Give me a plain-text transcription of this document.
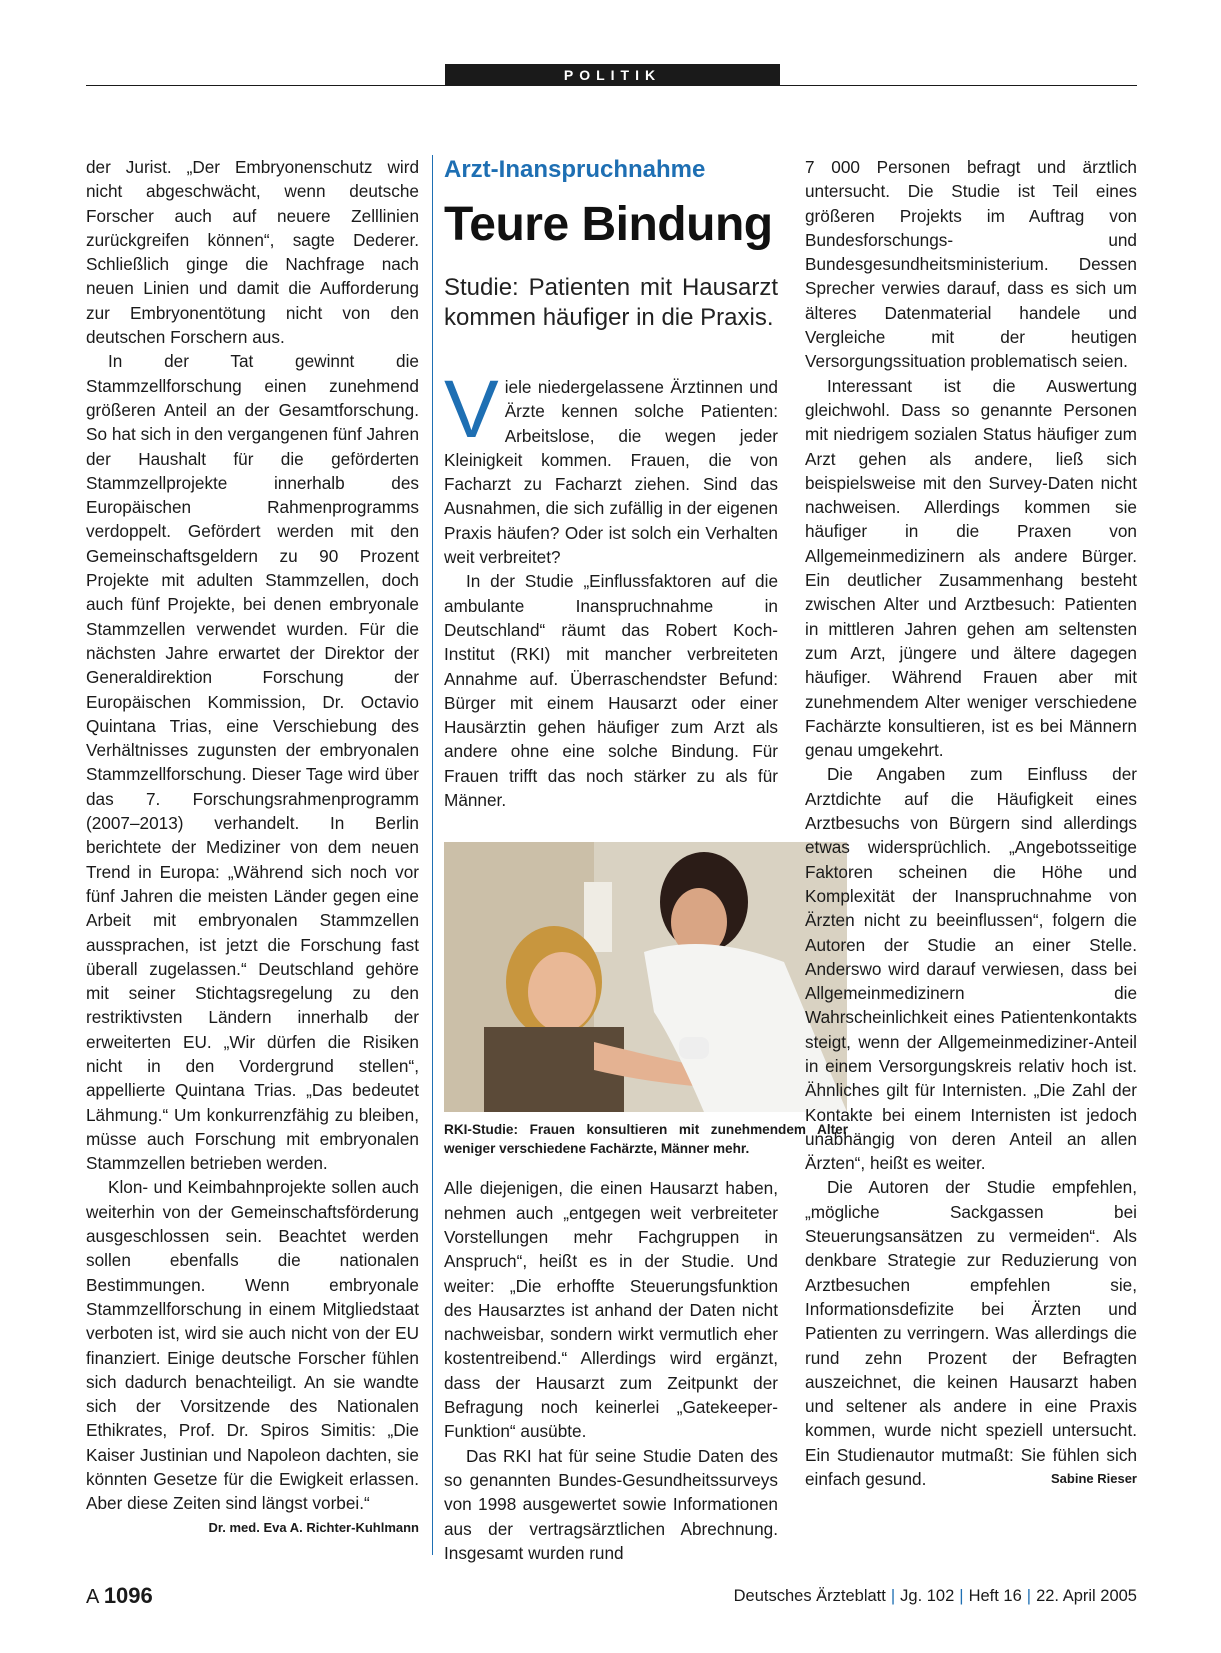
POLITIK

der Jurist. „Der Embryonenschutz wird nicht abgeschwächt, wenn deutsche Forscher auch auf neuere Zelllinien zurückgreifen können“, sagte Dederer. Schließlich ginge die Nachfrage nach neuen Linien und damit die Aufforderung zur Embryonentötung nicht von den deutschen Forschern aus.

In der Tat gewinnt die Stammzellforschung einen zunehmend größeren Anteil an der Gesamtforschung. So hat sich in den vergangenen fünf Jahren der Haushalt für die geförderten Stammzellprojekte innerhalb des Europäischen Rahmenprogramms verdoppelt. Gefördert werden mit den Gemeinschaftsgeldern zu 90 Prozent Projekte mit adulten Stammzellen, doch auch fünf Projekte, bei denen embryonale Stammzellen verwendet wurden. Für die nächsten Jahre erwartet der Direktor der Generaldirektion Forschung der Europäischen Kommission, Dr. Octavio Quintana Trias, eine Verschiebung des Verhältnisses zugunsten der embryonalen Stammzellforschung. Dieser Tage wird über das 7. Forschungsrahmenprogramm (2007–2013) verhandelt. In Berlin berichtete der Mediziner von dem neuen Trend in Europa: „Während sich noch vor fünf Jahren die meisten Länder gegen eine Arbeit mit embryonalen Stammzellen aussprachen, ist jetzt die Forschung fast überall zugelassen.“ Deutschland gehöre mit seiner Stichtagsregelung zu den restriktivsten Ländern innerhalb der erweiterten EU. „Wir dürfen die Risiken nicht in den Vordergrund stellen“, appellierte Quintana Trias. „Das bedeutet Lähmung.“ Um konkurrenzfähig zu bleiben, müsse auch Forschung mit embryonalen Stammzellen betrieben werden.

Klon- und Keimbahnprojekte sollen auch weiterhin von der Gemeinschaftsförderung ausgeschlossen sein. Beachtet werden sollen ebenfalls die nationalen Bestimmungen. Wenn embryonale Stammzellforschung in einem Mitgliedstaat verboten ist, wird sie auch nicht von der EU finanziert. Einige deutsche Forscher fühlen sich dadurch benachteiligt. An sie wandte sich der Vorsitzende des Nationalen Ethikrates, Prof. Dr. Spiros Simitis: „Die Kaiser Justinian und Napoleon dachten, sie könnten Gesetze für die Ewigkeit erlassen. Aber diese Zeiten sind längst vorbei.“
Dr. med. Eva A. Richter-Kuhlmann

Arzt-Inanspruchnahme
Teure Bindung
Studie: Patienten mit Hausarzt kommen häufiger in die Praxis.

Viele niedergelassene Ärztinnen und Ärzte kennen solche Patienten: Arbeitslose, die wegen jeder Kleinigkeit kommen. Frauen, die von Facharzt zu Facharzt ziehen. Sind das Ausnahmen, die sich zufällig in der eigenen Praxis häufen? Oder ist solch ein Verhalten weit verbreitet?

In der Studie „Einflussfaktoren auf die ambulante Inanspruchnahme in Deutschland“ räumt das Robert Koch-Institut (RKI) mit mancher verbreiteten Annahme auf. Überraschendster Befund: Bürger mit einem Hausarzt oder einer Hausärztin gehen häufiger zum Arzt als andere ohne eine solche Bindung. Für Frauen trifft das noch stärker zu als für Männer.

RKI-Studie: Frauen konsultieren mit zunehmendem Alter weniger verschiedene Fachärzte, Männer mehr.

Alle diejenigen, die einen Hausarzt haben, nehmen auch „entgegen weit verbreiteter Vorstellungen mehr Fachgruppen in Anspruch“, heißt es in der Studie. Und weiter: „Die erhoffte Steuerungsfunktion des Hausarztes ist anhand der Daten nicht nachweisbar, sondern wirkt vermutlich eher kostentreibend.“ Allerdings wird ergänzt, dass der Hausarzt zum Zeitpunkt der Befragung noch keinerlei „Gatekeeper-Funktion“ ausübte.

Das RKI hat für seine Studie Daten des so genannten Bundes-Gesundheitssurveys von 1998 ausgewertet sowie Informationen aus der vertragsärztlichen Abrechnung. Insgesamt wurden rund

7 000 Personen befragt und ärztlich untersucht. Die Studie ist Teil eines größeren Projekts im Auftrag von Bundesforschungs- und Bundesgesundheitsministerium. Dessen Sprecher verwies darauf, dass es sich um älteres Datenmaterial handele und Vergleiche mit der heutigen Versorgungssituation problematisch seien.

Interessant ist die Auswertung gleichwohl. Dass so genannte Personen mit niedrigem sozialen Status häufiger zum Arzt gehen als andere, ließ sich beispielsweise mit den Survey-Daten nicht nachweisen. Allerdings kommen sie häufiger in die Praxen von Allgemeinmedizinern als andere Bürger. Ein deutlicher Zusammenhang besteht zwischen Alter und Arztbesuch: Patienten in mittleren Jahren gehen am seltensten zum Arzt, jüngere und ältere dagegen häufiger. Während Frauen aber mit zunehmendem Alter weniger verschiedene Fachärzte konsultieren, ist es bei Männern genau umgekehrt.

Die Angaben zum Einfluss der Arztdichte auf die Häufigkeit eines Arztbesuchs von Bürgern sind allerdings etwas widersprüchlich. „Angebotsseitige Faktoren scheinen die Höhe und Komplexität der Inanspruchnahme von Ärzten nicht zu beeinflussen“, folgern die Autoren der Studie an einer Stelle. Anderswo wird darauf verwiesen, dass bei Allgemeinmedizinern die Wahrscheinlichkeit eines Patientenkontakts steigt, wenn der Allgemeinmediziner-Anteil in einem Versorgungskreis relativ hoch ist. Ähnliches gilt für Internisten. „Die Zahl der Kontakte bei einem Internisten ist jedoch unabhängig von deren Anteil an allen Ärzten“, heißt es weiter.

Die Autoren der Studie empfehlen, „mögliche Sackgassen bei Steuerungsansätzen zu vermeiden“. Als denkbare Strategie zur Reduzierung von Arztbesuchen empfehlen sie, Informationsdefizite bei Ärzten und Patienten zu verringern. Was allerdings die rund zehn Prozent der Befragten auszeichnet, die keinen Hausarzt haben und seltener als andere in eine Praxis kommen, wurde nicht speziell untersucht. Ein Studienautor mutmaßt: Sie fühlen sich einfach gesund.	Sabine Rieser

A 1096	Deutsches Ärzteblatt | Jg. 102 | Heft 16 | 22. April 2005
